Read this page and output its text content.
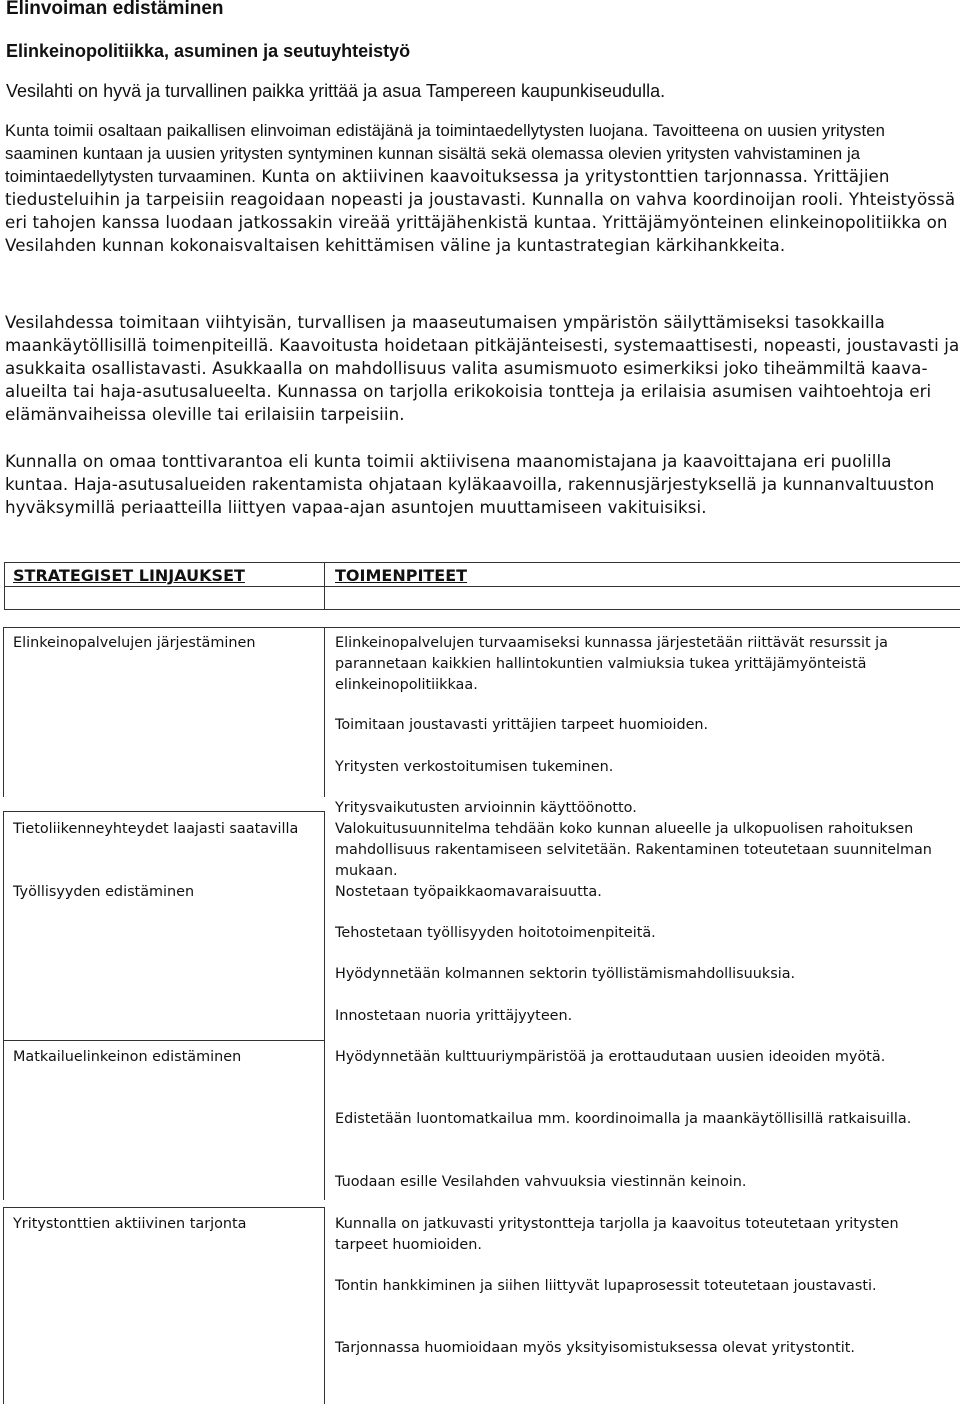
Elinvoiman edistäminen
Elinkeinopolitiikka, asuminen ja seutuyhteistyö
Vesilahti on hyvä ja turvallinen paikka yrittää ja asua Tampereen kaupunkiseudulla.

Kunta toimii osaltaan paikallisen elinvoiman edistäjänä ja toimintaedellytysten luojana. Tavoitteena on uusien yritysten saaminen kuntaan ja uusien yritysten syntyminen kunnan sisältä sekä olemassa olevien yritysten vahvistaminen ja toimintaedellytysten turvaaminen. Kunta on aktiivinen kaavoituksessa ja yritystonttien tarjonnassa. Yrittäjien tiedusteluihin ja tarpeisiin reagoidaan nopeasti ja joustavasti. Kunnalla on vahva koordinoijan rooli. Yhteistyössä eri tahojen kanssa luodaan jatkossakin vireää yrittäjähenkistä kuntaa. Yrittäjämyönteinen elinkeinopolitiikka on Vesilahden kunnan kokonaisvaltaisen kehittämisen väline ja kuntastrategian kärkihankkeita.

Vesilahdessa toimitaan viihtyisän, turvallisen ja maaseutumaisen ympäristön säilyttämiseksi tasokkailla maankäytöllisillä toimenpiteillä. Kaavoitusta hoidetaan pitkäjänteisesti, systemaattisesti, nopeasti, joustavasti ja asukkaita osallistavasti. Asukkaalla on mahdollisuus valita asumismuoto esimerkiksi joko tiheämmiltä kaava-alueilta tai haja-asutusalueelta. Kunnassa on tarjolla erikokoisia tontteja ja erilaisia asumisen vaihtoehtoja eri elämänvaiheissa oleville tai erilaisiin tarpeisiin.

Kunnalla on omaa tonttivarantoa eli kunta toimii aktiivisena maanomistajana ja kaavoittajana eri puolilla kuntaa. Haja-asutusalueiden rakentamista ohjataan kyläkaavoilla, rakennusjärjestyksellä ja kunnanvaltuuston hyväksymillä periaatteilla liittyen vapaa-ajan asuntojen muuttamiseen vakituisiksi.

STRATEGISET LINJAUKSET	TOIMENPITEET

Elinkeinopalvelujen järjestäminen

Tietoliikenneyhteydet laajasti saatavilla

Työllisyyden edistäminen

Matkailuelinkeinon edistäminen

Yritystonttien aktiivinen tarjonta

Elinkeinopalvelujen turvaamiseksi kunnassa järjestetään riittävät resurssit ja parannetaan kaikkien hallintokuntien valmiuksia tukea yrittäjämyönteistä elinkeinopolitiikkaa.

Toimitaan joustavasti yrittäjien tarpeet huomioiden.

Yritysten verkostoitumisen tukeminen.

Yritysvaikutusten arvioinnin käyttöönotto.

Valokuitusuunnitelma tehdään koko kunnan alueelle ja ulkopuolisen rahoituksen mahdollisuus rakentamiseen selvitetään. Rakentaminen toteutetaan suunnitelman mukaan.

Nostetaan työpaikkaomavaraisuutta.

Tehostetaan työllisyyden hoitotoimenpiteitä.

Hyödynnetään kolmannen sektorin työllistämismahdollisuuksia.

Innostetaan nuoria yrittäjyyteen.

Hyödynnetään kulttuuriympäristöä ja erottaudutaan uusien ideoiden myötä.

Edistetään luontomatkailua mm. koordinoimalla ja maankäytöllisillä ratkaisuilla.

Tuodaan esille Vesilahden vahvuuksia viestinnän keinoin.

Kunnalla on jatkuvasti yritystontteja tarjolla ja kaavoitus toteutetaan yritysten tarpeet huomioiden.

Tontin hankkiminen ja siihen liittyvät lupaprosessit toteutetaan joustavasti.

Tarjonnassa huomioidaan myös yksityisomistuksessa olevat yritystontit.
